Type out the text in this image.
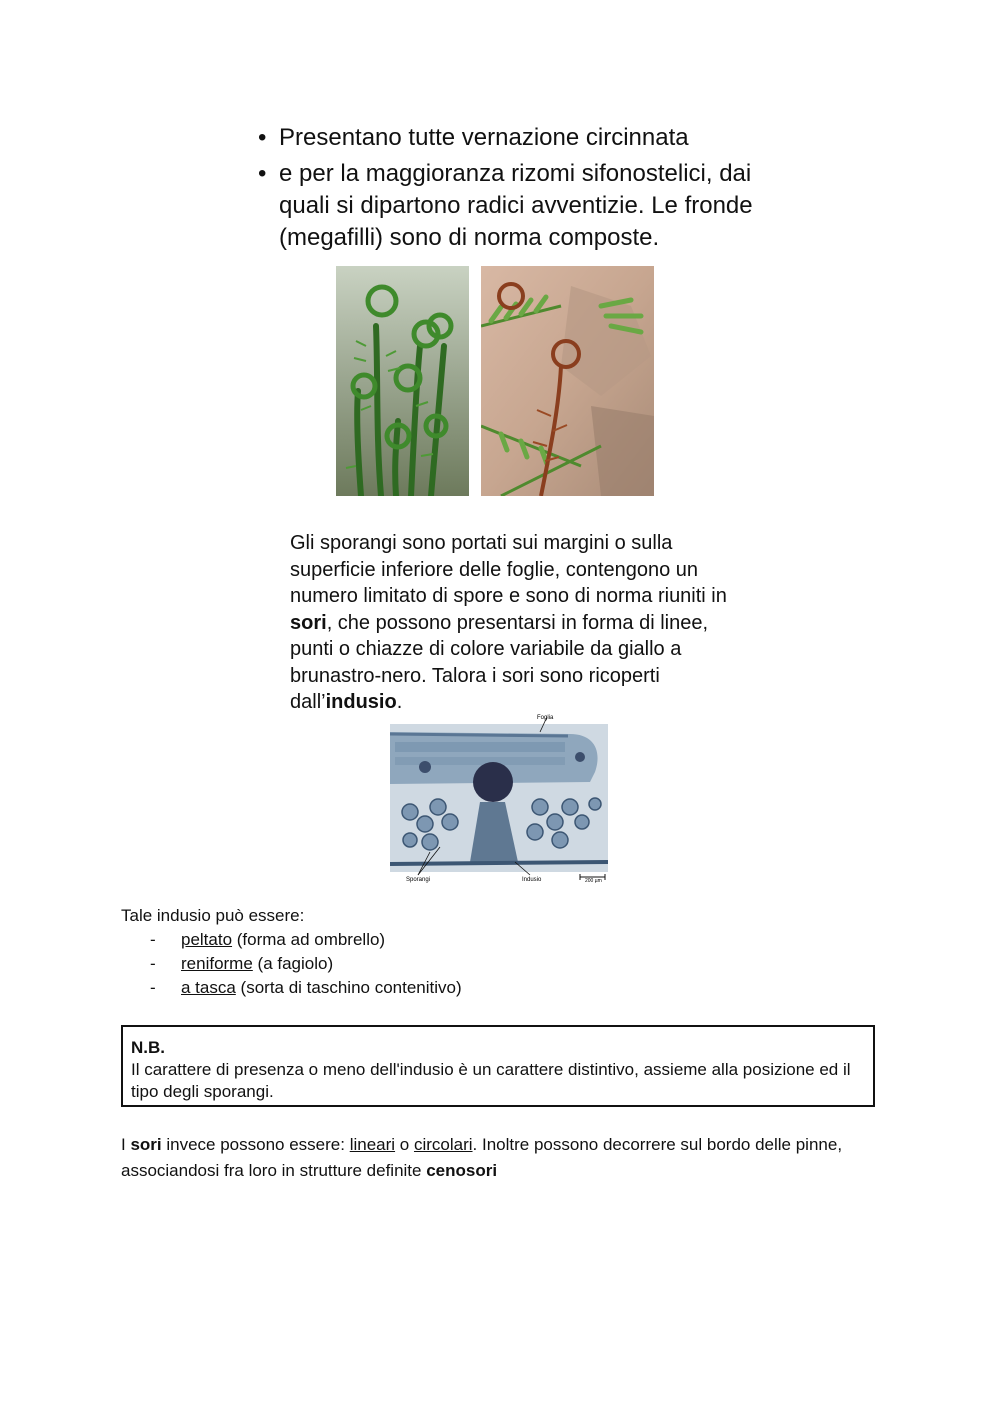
• Presentano tutte vernazione circinnata
• e per la maggioranza rizomi sifonostelici, dai quali si dipartono radici avventizie. Le fronde (megafilli) sono di norma composte.
Gli sporangi sono portati sui margini o sulla superficie inferiore delle foglie, contengono un numero limitato di spore e sono di norma riuniti in sori, che possono presentarsi in forma di linee, punti o chiazze di colore variabile da giallo a brunastro-nero. Talora i sori sono ricoperti dall’indusio.
Foglia
Sporangi	Indusio	200 µm
Tale indusio può essere:
- peltato (forma ad ombrello)
- reniforme (a fagiolo)
- a tasca (sorta di taschino contenitivo)
N.B.
Il carattere di presenza o meno dell'indusio è un carattere distintivo, assieme alla posizione ed il tipo degli sporangi.
I sori invece possono essere: lineari o circolari. Inoltre possono decorrere sul bordo delle pinne, associandosi fra loro in strutture definite cenosori
